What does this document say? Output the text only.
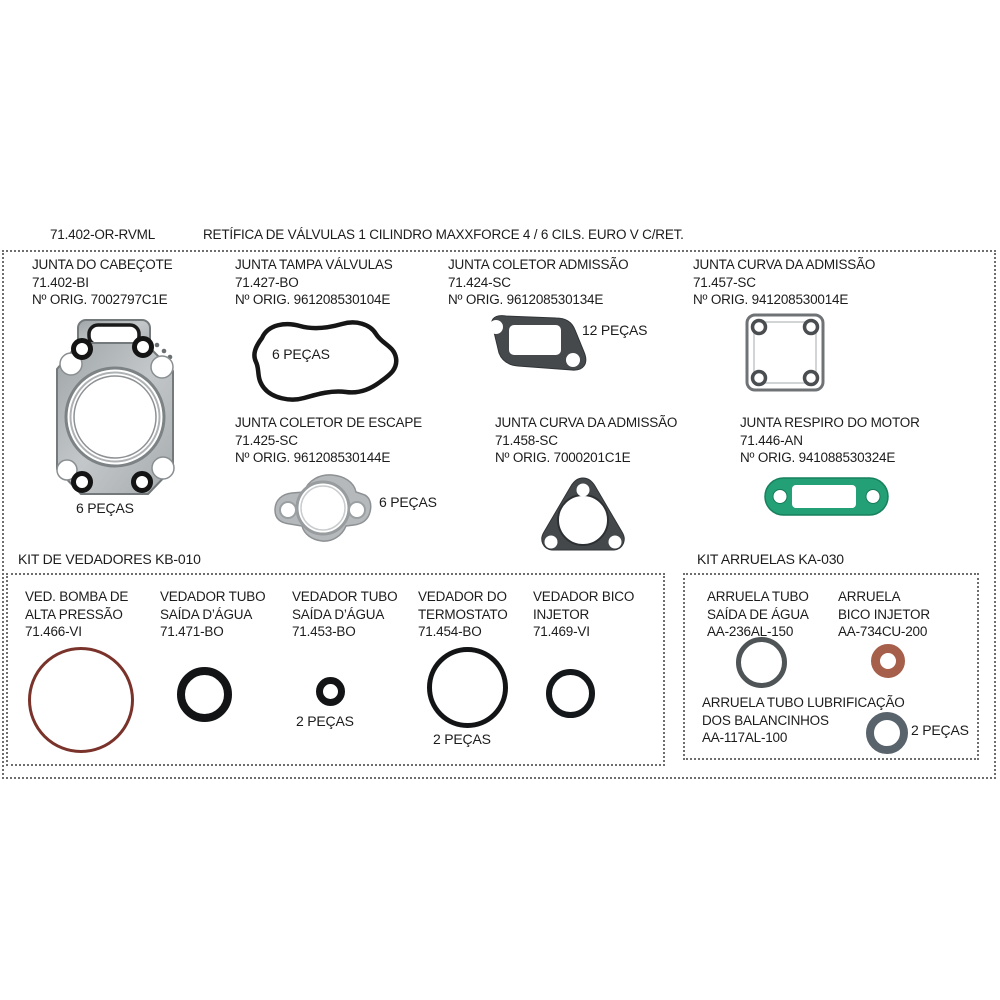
71.402-OR-RVML	RETÍFICA DE VÁLVULAS 1 CILINDRO MAXXFORCE 4 / 6 CILS. EURO V C/RET.
JUNTA DO CABEÇOTE
71.402-BI
Nº ORIG. 7002797C1E
JUNTA TAMPA VÁLVULAS
71.427-BO
Nº ORIG. 961208530104E
JUNTA COLETOR ADMISSÃO
71.424-SC
Nº ORIG. 961208530134E
JUNTA CURVA DA ADMISSÃO
71.457-SC
Nº ORIG. 941208530014E
JUNTA COLETOR DE ESCAPE
71.425-SC
Nº ORIG. 961208530144E
JUNTA CURVA DA ADMISSÃO
71.458-SC
Nº ORIG. 7000201C1E
JUNTA RESPIRO DO MOTOR
71.446-AN
Nº ORIG. 941088530324E
6 PEÇAS
6 PEÇAS
12 PEÇAS
6 PEÇAS
KIT DE VEDADORES KB-010	KIT ARRUELAS KA-030
VED. BOMBA DE
ALTA PRESSÃO
71.466-VI
VEDADOR TUBO
SAÍDA D’ÁGUA
71.471-BO
VEDADOR TUBO
SAÍDA D’ÁGUA
71.453-BO
VEDADOR DO
TERMOSTATO
71.454-BO
VEDADOR BICO
INJETOR
71.469-VI
2 PEÇAS
2 PEÇAS
ARRUELA TUBO
SAÍDA DE ÁGUA
AA-236AL-150
ARRUELA
BICO INJETOR
AA-734CU-200
ARRUELA TUBO LUBRIFICAÇÃO
DOS BALANCINHOS
AA-117AL-100	2 PEÇAS
